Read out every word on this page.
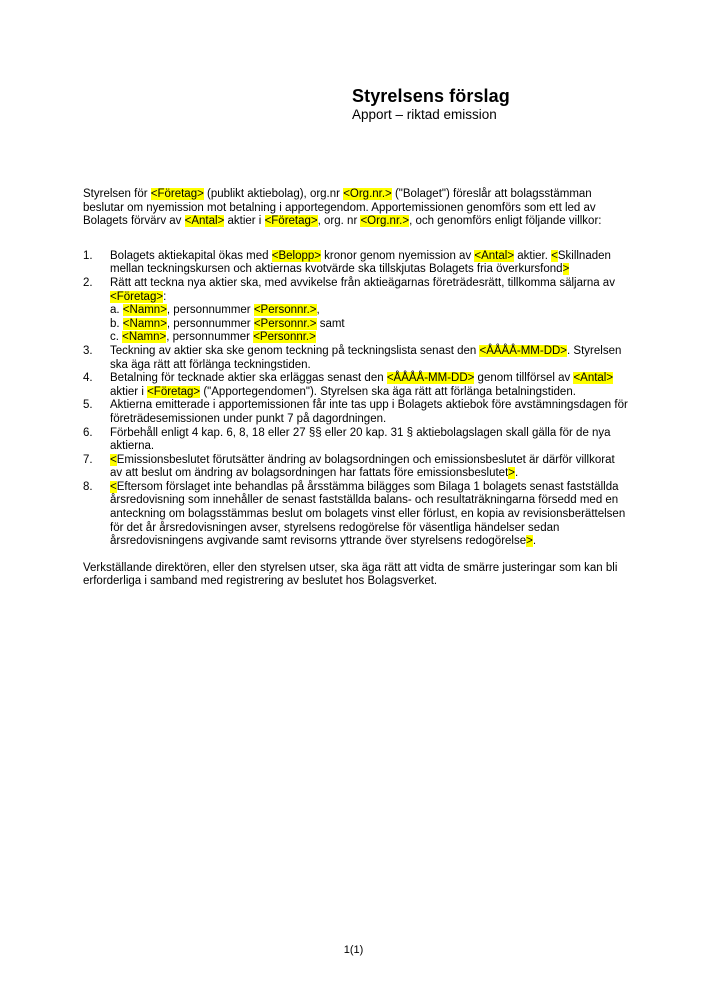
Styrelsens förslag
Apport – riktad emission

Styrelsen för <Företag> (publikt aktiebolag), org.nr <Org.nr.> ("Bolaget") föreslår att bolagsstämman beslutar om nyemission mot betalning i apportegendom. Apportemissionen genomförs som ett led av Bolagets förvärv av <Antal> aktier i <Företag>, org. nr <Org.nr.>, och genomförs enligt följande villkor:

1.	Bolagets aktiekapital ökas med <Belopp> kronor genom nyemission av <Antal> aktier. <Skillnaden mellan teckningskursen och aktiernas kvotvärde ska tillskjutas Bolagets fria överkursfond>
2.	Rätt att teckna nya aktier ska, med avvikelse från aktieägarnas företrädesrätt, tillkomma säljarna av <Företag>:
a. <Namn>, personnummer <Personnr.>,
b. <Namn>, personnummer <Personnr.> samt
c. <Namn>, personnummer <Personnr.>
3.	Teckning av aktier ska ske genom teckning på teckningslista senast den <ÅÅÅÅ-MM-DD>. Styrelsen ska äga rätt att förlänga teckningstiden.
4.	Betalning för tecknade aktier ska erläggas senast den <ÅÅÅÅ-MM-DD> genom tillförsel av <Antal> aktier i <Företag> ("Apportegendomen"). Styrelsen ska äga rätt att förlänga betalningstiden.
5.	Aktierna emitterade i apportemissionen får inte tas upp i Bolagets aktiebok före avstämningsdagen för företrädesemissionen under punkt 7 på dagordningen.
6.	Förbehåll enligt 4 kap. 6, 8, 18 eller 27 §§ eller 20 kap. 31 § aktiebolagslagen skall gälla för de nya aktierna.
7.	<Emissionsbeslutet förutsätter ändring av bolagsordningen och emissionsbeslutet är därför villkorat av att beslut om ändring av bolagsordningen har fattats före emissionsbeslutet>.
8.	<Eftersom förslaget inte behandlas på årsstämma bilägges som Bilaga 1 bolagets senast fastställda årsredovisning som innehåller de senast fastställda balans- och resultaträkningarna försedd med en anteckning om bolagsstämmas beslut om bolagets vinst eller förlust, en kopia av revisionsberättelsen för det år årsredovisningen avser, styrelsens redogörelse för väsentliga händelser sedan årsredovisningens avgivande samt revisorns yttrande över styrelsens redogörelse>.

Verkställande direktören, eller den styrelsen utser, ska äga rätt att vidta de smärre justeringar som kan bli erforderliga i samband med registrering av beslutet hos Bolagsverket.

1(1)
